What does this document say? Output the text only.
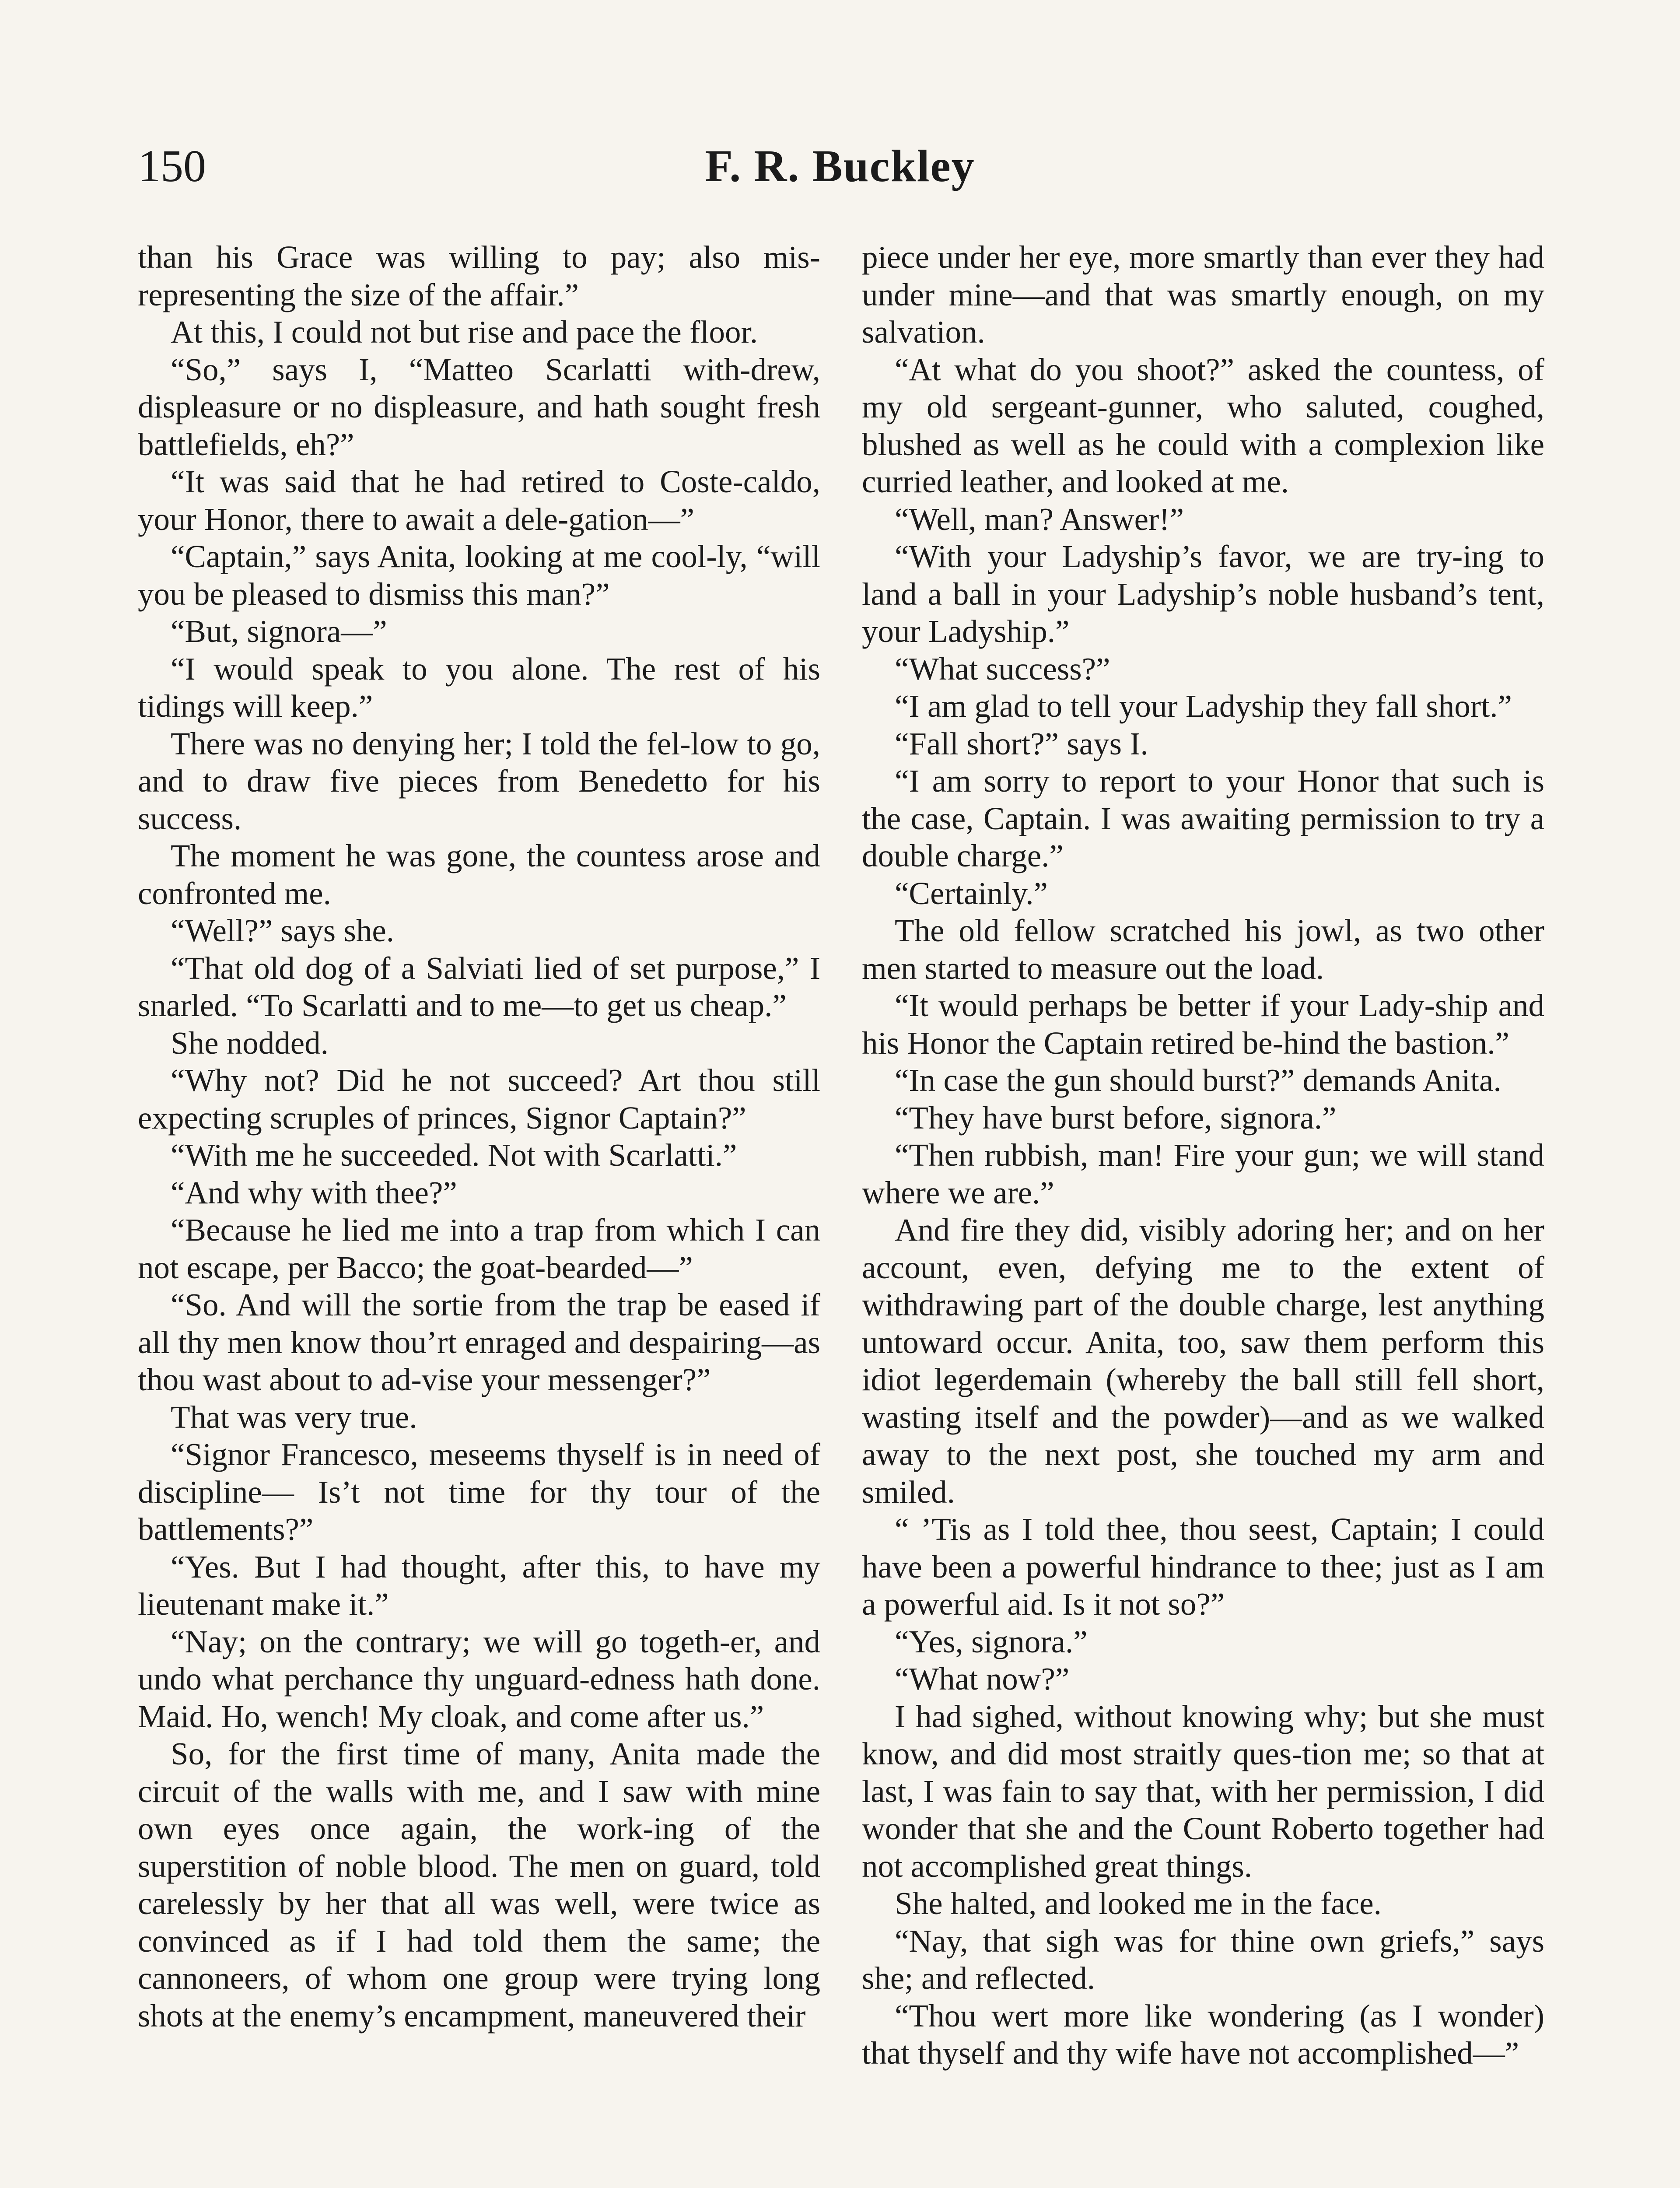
150	F. R. Buckley

than his Grace was willing to pay; also mis-representing the size of the affair.”

At this, I could not but rise and pace the floor.

“So,” says I, “Matteo Scarlatti with-drew, displeasure or no displeasure, and hath sought fresh battlefields, eh?”

“It was said that he had retired to Coste-caldo, your Honor, there to await a dele-gation—”

“Captain,” says Anita, looking at me cool-ly, “will you be pleased to dismiss this man?”

“But, signora—”

“I would speak to you alone. The rest of his tidings will keep.”

There was no denying her; I told the fel-low to go, and to draw five pieces from Benedetto for his success.

The moment he was gone, the countess arose and confronted me.

“Well?” says she.

“That old dog of a Salviati lied of set purpose,” I snarled. “To Scarlatti and to me—to get us cheap.”

She nodded.

“Why not? Did he not succeed? Art thou still expecting scruples of princes, Signor Captain?”

“With me he succeeded. Not with Scarlatti.”

“And why with thee?”

“Because he lied me into a trap from which I can not escape, per Bacco; the goat-bearded—”

“So. And will the sortie from the trap be eased if all thy men know thou’rt enraged and despairing—as thou wast about to ad-vise your messenger?”

That was very true.

“Signor Francesco, meseems thyself is in need of discipline— Is’t not time for thy tour of the battlements?”

“Yes. But I had thought, after this, to have my lieutenant make it.”

“Nay; on the contrary; we will go togeth-er, and undo what perchance thy unguard-edness hath done. Maid. Ho, wench! My cloak, and come after us.”

So, for the first time of many, Anita made the circuit of the walls with me, and I saw with mine own eyes once again, the work-ing of the superstition of noble blood. The men on guard, told carelessly by her that all was well, were twice as convinced as if I had told them the same; the cannoneers, of whom one group were trying long shots at the enemy’s encampment, maneuvered their

piece under her eye, more smartly than ever they had under mine—and that was smartly enough, on my salvation.

“At what do you shoot?” asked the countess, of my old sergeant-gunner, who saluted, coughed, blushed as well as he could with a complexion like curried leather, and looked at me.

“Well, man? Answer!”

“With your Ladyship’s favor, we are try-ing to land a ball in your Ladyship’s noble husband’s tent, your Ladyship.”

“What success?”

“I am glad to tell your Ladyship they fall short.”

“Fall short?” says I.

“I am sorry to report to your Honor that such is the case, Captain. I was awaiting permission to try a double charge.”

“Certainly.”

The old fellow scratched his jowl, as two other men started to measure out the load.

“It would perhaps be better if your Lady-ship and his Honor the Captain retired be-hind the bastion.”

“In case the gun should burst?” demands Anita.

“They have burst before, signora.”

“Then rubbish, man! Fire your gun; we will stand where we are.”

And fire they did, visibly adoring her; and on her account, even, defying me to the extent of withdrawing part of the double charge, lest anything untoward occur. Anita, too, saw them perform this idiot legerdemain (whereby the ball still fell short, wasting itself and the powder)—and as we walked away to the next post, she touched my arm and smiled.

“ ’Tis as I told thee, thou seest, Captain; I could have been a powerful hindrance to thee; just as I am a powerful aid. Is it not so?”

“Yes, signora.”

“What now?”

I had sighed, without knowing why; but she must know, and did most straitly ques-tion me; so that at last, I was fain to say that, with her permission, I did wonder that she and the Count Roberto together had not accomplished great things.

She halted, and looked me in the face.

“Nay, that sigh was for thine own griefs,” says she; and reflected.

“Thou wert more like wondering (as I wonder) that thyself and thy wife have not accomplished—”
